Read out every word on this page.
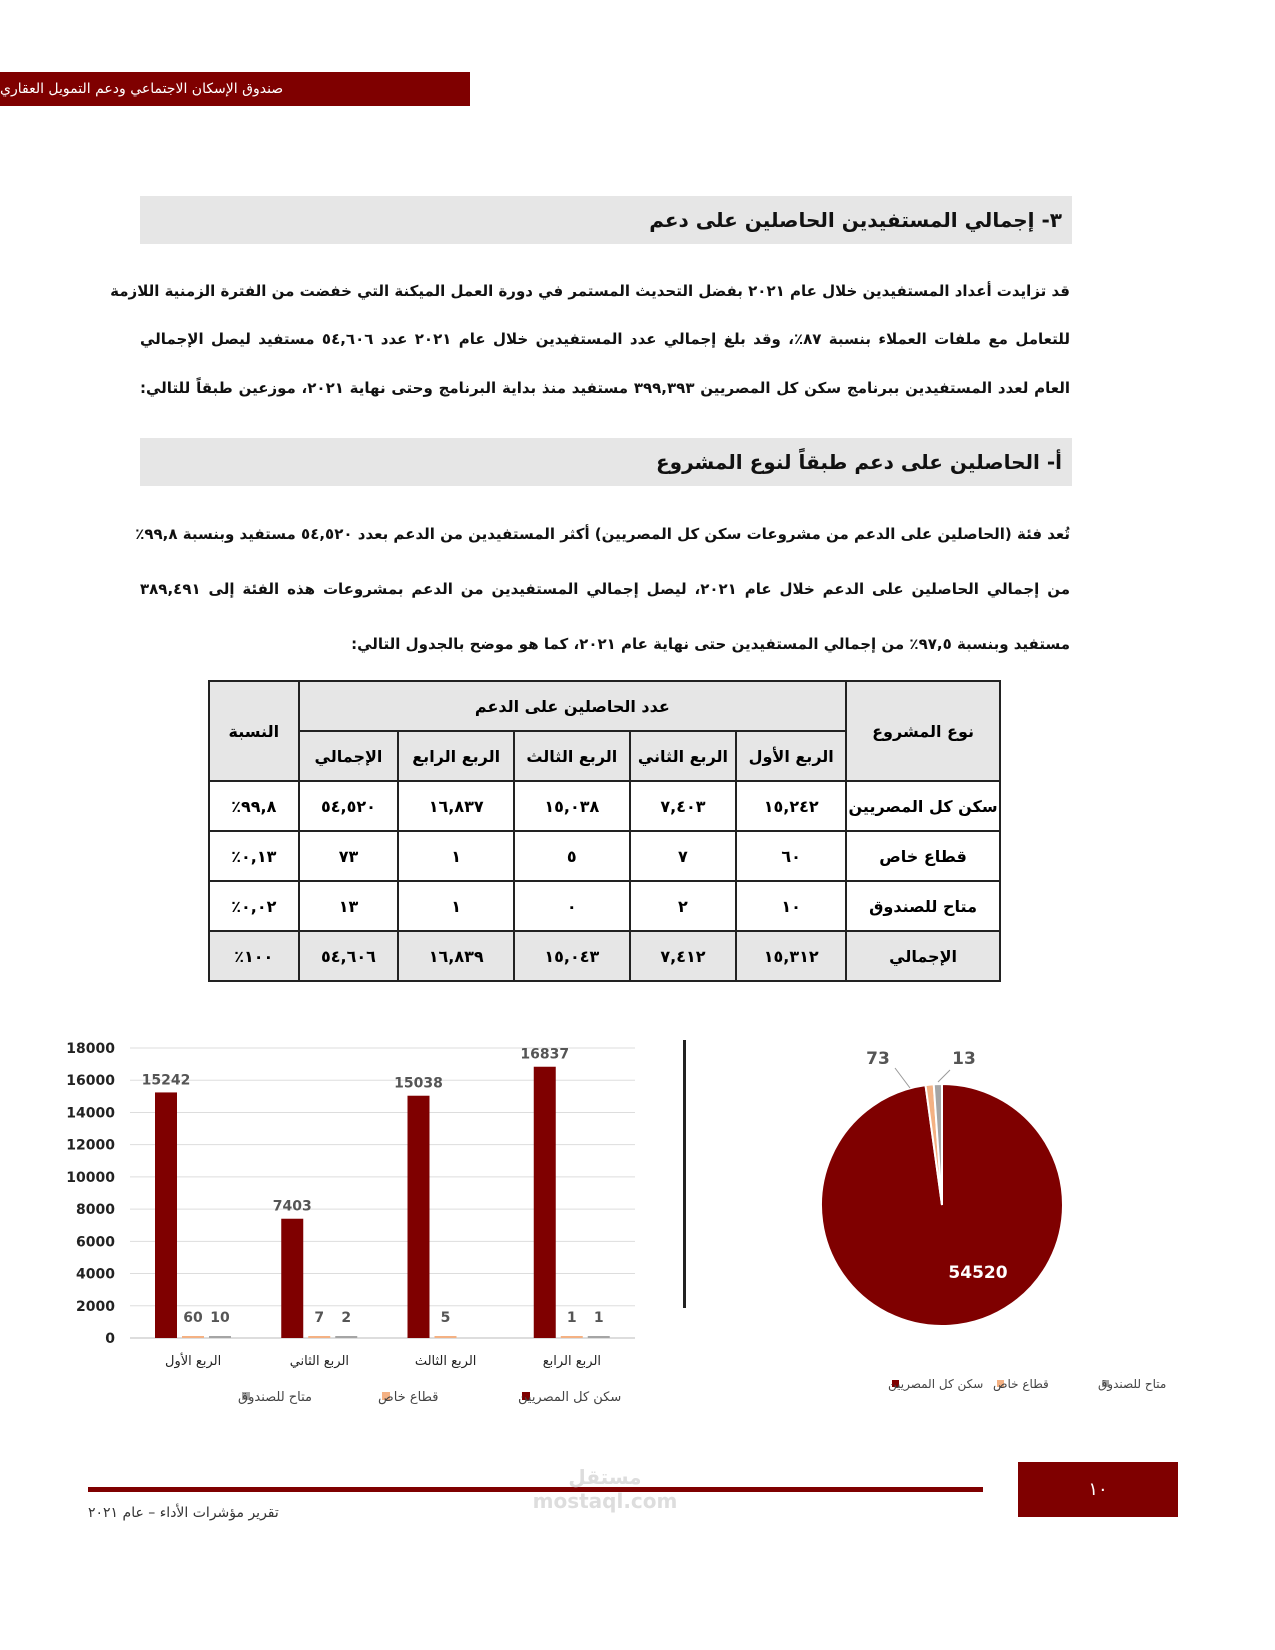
صندوق الإسكان الاجتماعي ودعم التمويل العقاري
٣- إجمالي المستفيدين الحاصلين على دعم
قد تزايدت أعداد المستفيدين خلال عام ٢٠٢١ بفضل التحديث المستمر في دورة العمل الميكنة التي خفضت من الفترة الزمنية اللازمة
للتعامل مع ملفات العملاء بنسبة ٨٧٪، وقد بلغ إجمالي عدد المستفيدين خلال عام ٢٠٢١ عدد ٥٤,٦٠٦ مستفيد ليصل الإجمالي
العام لعدد المستفيدين ببرنامج سكن كل المصريين ٣٩٩,٣٩٣ مستفيد منذ بداية البرنامج وحتى نهاية ٢٠٢١، موزعين طبقاً للتالي:
أ- الحاصلين على دعم طبقاً لنوع المشروع
تُعد فئة (الحاصلين على الدعم من مشروعات سكن كل المصريين) أكثر المستفيدين من الدعم بعدد ٥٤,٥٢٠ مستفيد وبنسبة ٩٩,٨٪
من إجمالي الحاصلين على الدعم خلال عام ٢٠٢١، ليصل إجمالي المستفيدين من الدعم بمشروعات هذه الفئة إلى ٣٨٩,٤٩١
مستفيد وبنسبة ٩٧,٥٪ من إجمالي المستفيدين حتى نهاية عام ٢٠٢١، كما هو موضح بالجدول التالي:
نوع المشروع	عدد الحاصلين على الدعم					النسبة
	الربع الأول	الربع الثاني	الربع الثالث	الربع الرابع	الإجمالي	
سكن كل المصريين	١٥,٢٤٢	٧,٤٠٣	١٥,٠٣٨	١٦,٨٣٧	٥٤,٥٢٠	٩٩,٨٪
قطاع خاص	٦٠	٧	٥	١	٧٣	٠,١٣٪
متاح للصندوق	١٠	٢	٠	١	١٣	٠,٠٢٪
الإجمالي	١٥,٣١٢	٧,٤١٢	١٥,٠٤٣	١٦,٨٣٩	٥٤,٦٠٦	١٠٠٪
0
2000
4000
6000
8000
10000
12000
14000
16000
18000
15242
60 10
الربع الأول
7403
7 2
الربع الثاني
15038
5
الربع الثالث
16837
1 1
الربع الرابع
سكن كل المصريين
قطاع خاص
متاح للصندوق
54520
73	13
سكن كل المصريين قطاع خاص	متاح للصندوق
مستقل mostaql.com	١٠
تقرير مؤشرات الأداء – عام ٢٠٢١
